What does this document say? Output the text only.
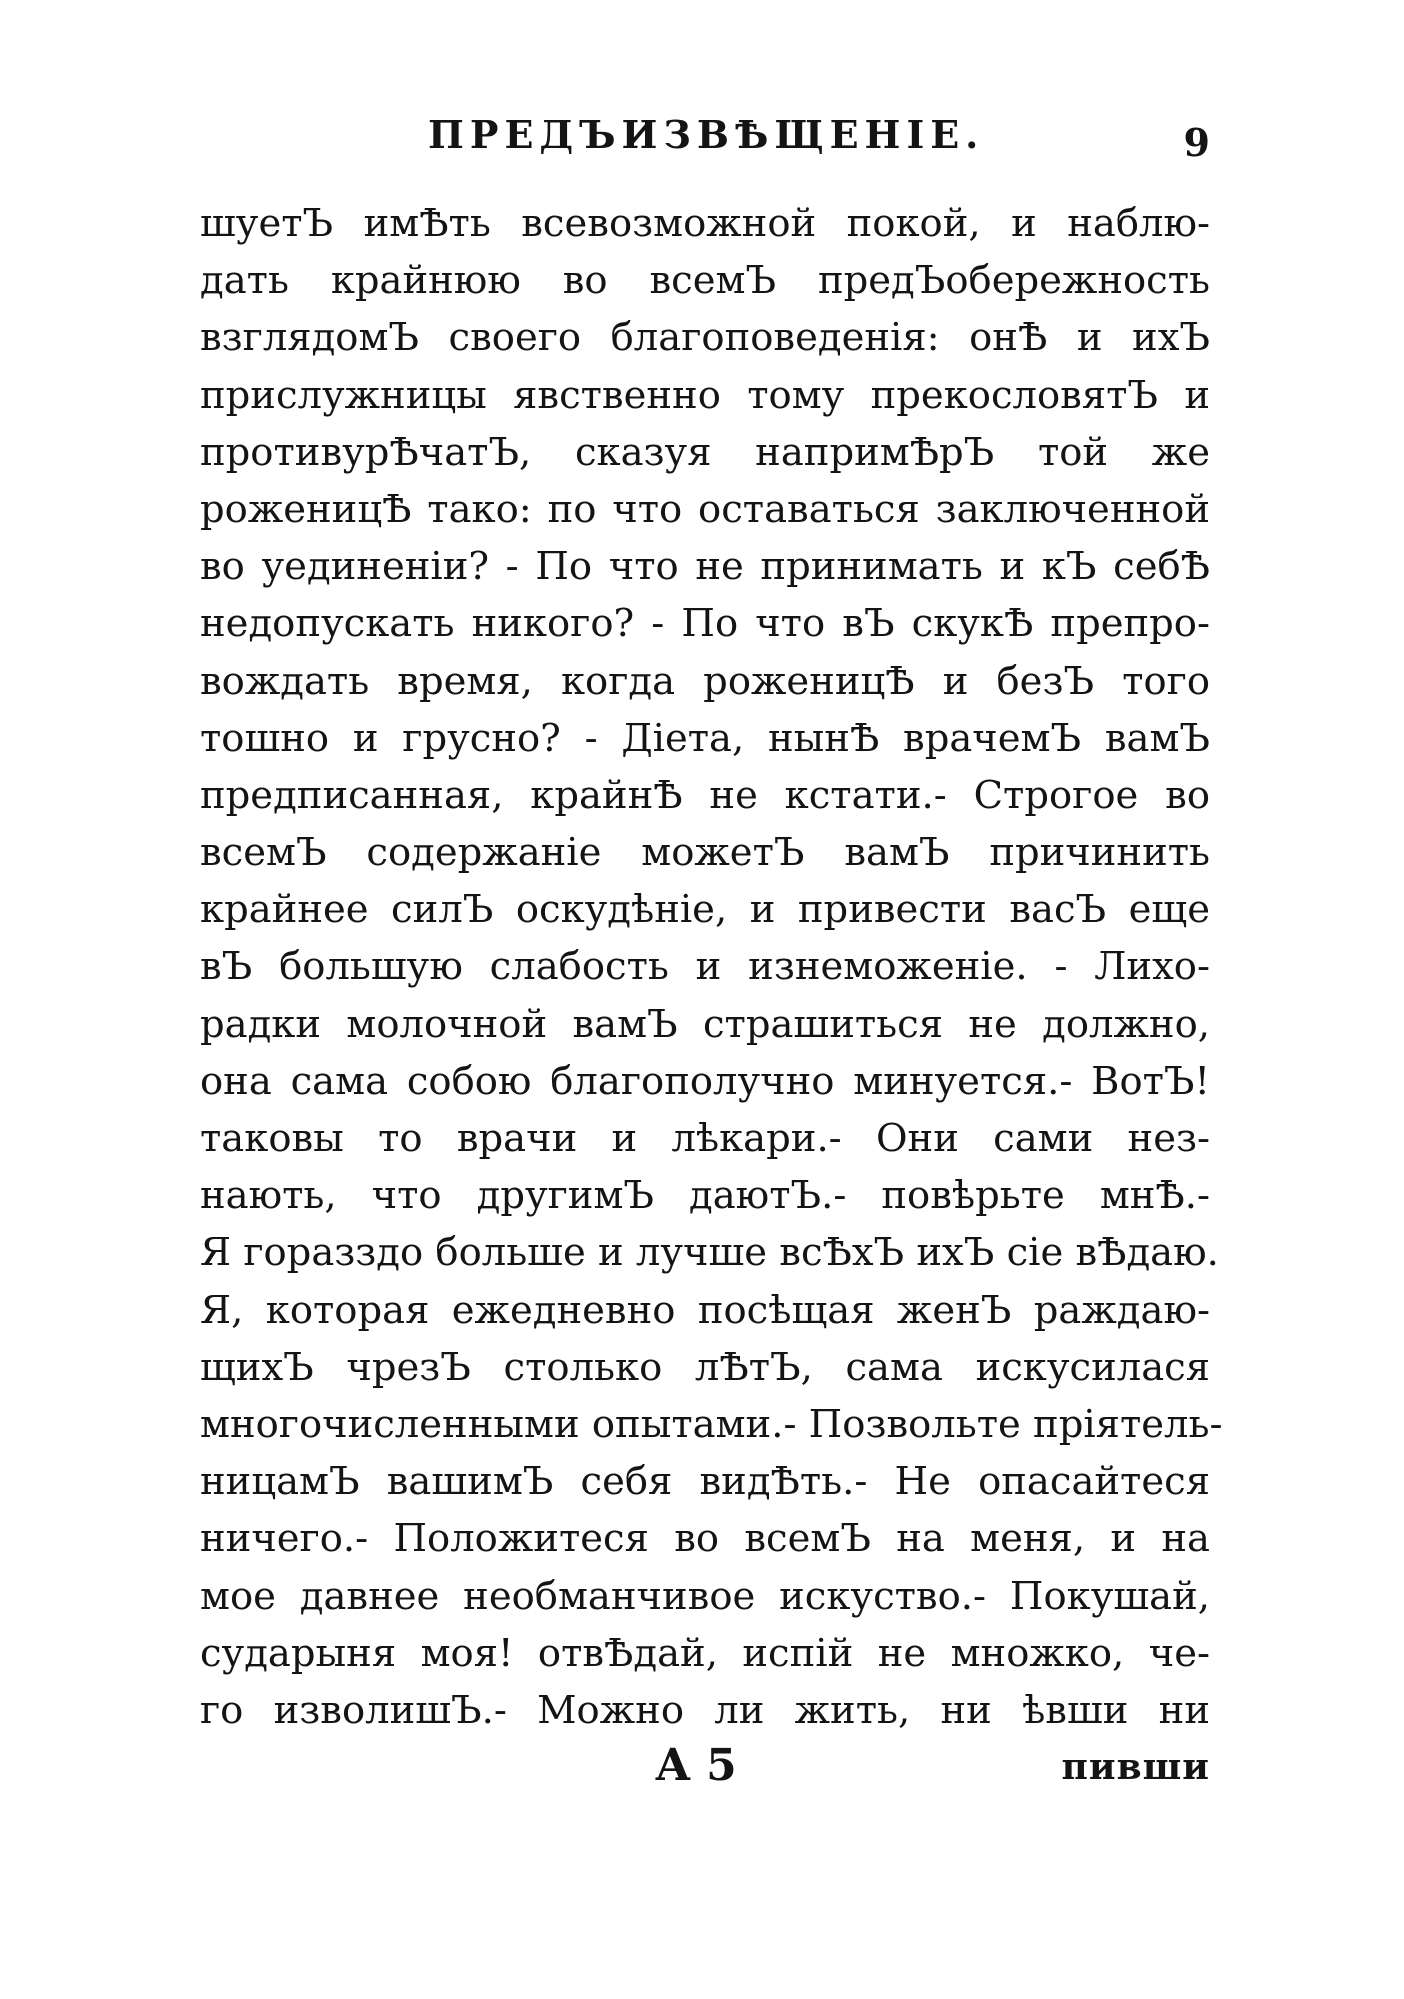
ПРЕДЪИЗВѢЩЕНІЕ.	9
шуетЪ имѢть всевозможной покой, и наблю-
дать крайнюю во всемЪ предЪобережность
взглядомЪ своего благоповеденія: онѢ и ихЪ
прислужницы явственно тому прекословятЪ и
противурѢчатЪ, сказуя напримѢрЪ той же
роженицѢ тако: по что оставаться заключенной
во уединеніи? - По что не принимать и кЪ себѢ
недопускать никого? - По что вЪ скукѢ препро-
вождать время, когда роженицѢ и безЪ того
тошно и грусно? - Діета, нынѢ врачемЪ вамЪ
предписанная, крайнѢ не кстати.- Строгое во
всемЪ содержаніе можетЪ вамЪ причинить
крайнее силЪ оскудѣніе, и привести васЪ еще
вЪ большую слабость и изнеможеніе. - Лихо-
радки молочной вамЪ страшиться не должно,
она сама собою благополучно минуется.- ВотЪ!
таковы то врачи и лѣкари.- Они сами нез-
нають, что другимЪ даютЪ.- повѣрьте мнѢ.-
Я горазздо больше и лучше всѢхЪ ихЪ сіе вѢдаю.
Я, которая ежедневно посѣщая женЪ раждаю-
щихЪ чрезЪ столько лѢтЪ, сама искусилася
многочисленными опытами.- Позвольте пріятель-
ницамЪ вашимЪ себя видѢть.- Не опасайтеся
ничего.- Положитеся во всемЪ на меня, и на
мое давнее необманчивое искуство.- Покушай,
сударыня моя! отвѢдай, испій не множко, че-
го изволишЪ.- Можно ли жить, ни ѣвши ни
А 5	пивши
